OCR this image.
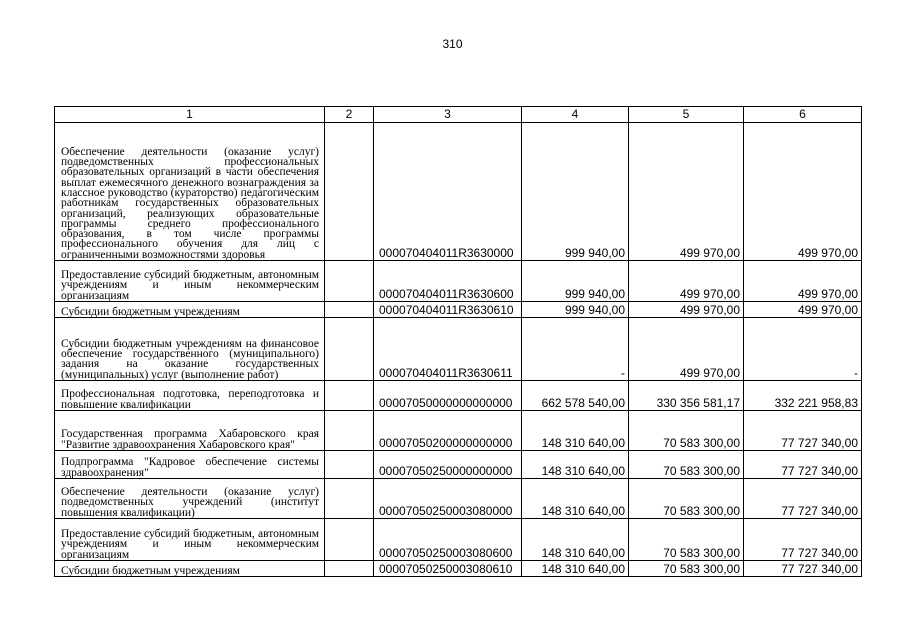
310
1	2	3	4	5	6
Обеспечение деятельности (оказание услуг) подведомственных профессиональных образовательных организаций в части обеспечения выплат ежемесячного денежного вознаграждения за классное руководство (кураторство) педагогическим работникам государственных образовательных организаций, реализующих образовательные программы среднего профессионального образования, в том числе программы профессионального обучения для лиц с ограниченными возможностями здоровья		000070404011R3630000	999 940,00	499 970,00	499 970,00
Предоставление субсидий бюджетным, автономным учреждениям и иным некоммерческим организациям		000070404011R3630600	999 940,00	499 970,00	499 970,00
Субсидии бюджетным учреждениям		000070404011R3630610	999 940,00	499 970,00	499 970,00
Субсидии бюджетным учреждениям на финансовое обеспечение государственного (муниципального) задания на оказание государственных (муниципальных) услуг (выполнение работ)		000070404011R3630611	-	499 970,00	-
Профессиональная подготовка, переподготовка и повышение квалификации		00007050000000000000	662 578 540,00	330 356 581,17	332 221 958,83
Государственная программа Хабаровского края "Развитие здравоохранения Хабаровского края"		00007050200000000000	148 310 640,00	70 583 300,00	77 727 340,00
Подпрограмма "Кадровое обеспечение системы здравоохранения"		00007050250000000000	148 310 640,00	70 583 300,00	77 727 340,00
Обеспечение деятельности (оказание услуг) подведомственных учреждений (институт повышения квалификации)		00007050250003080000	148 310 640,00	70 583 300,00	77 727 340,00
Предоставление субсидий бюджетным, автономным учреждениям и иным некоммерческим организациям		00007050250003080600	148 310 640,00	70 583 300,00	77 727 340,00
Субсидии бюджетным учреждениям		00007050250003080610	148 310 640,00	70 583 300,00	77 727 340,00
